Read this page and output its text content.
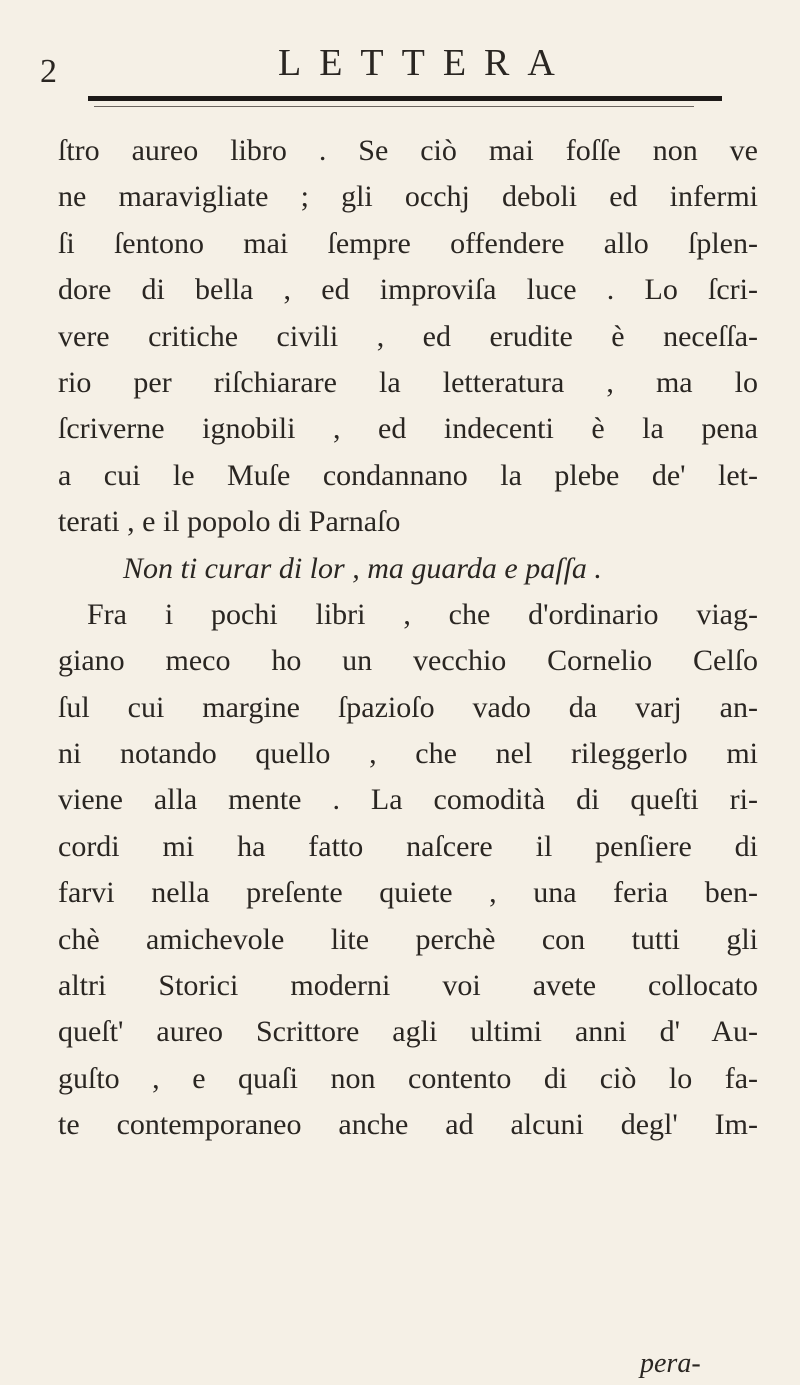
2	LETTERA
ſtro aureo libro . Se ciò mai foſſe non ve
ne maravigliate ; gli occhj deboli ed infermi
ſi ſentono mai ſempre offendere allo ſplen-
dore di bella , ed improviſa luce . Lo ſcri-
vere critiche civili , ed erudite è neceſſa-
rio per riſchiarare la letteratura , ma lo
ſcriverne ignobili , ed indecenti è la pena
a cui le Muſe condannano la plebe de' let-
terati , e il popolo di Parnaſo
Non ti curar di lor , ma guarda e paſſa .
Fra i pochi libri , che d'ordinario viag-
giano meco ho un vecchio Cornelio Celſo
ſul cui margine ſpazioſo vado da varj an-
ni notando quello , che nel rileggerlo mi
viene alla mente . La comodità di queſti ri-
cordi mi ha fatto naſcere il penſiere di
farvi nella preſente quiete , una feria ben-
chè amichevole lite perchè con tutti gli
altri Storici moderni voi avete collocato
queſt' aureo Scrittore agli ultimi anni d' Au-
guſto , e quaſi non contento di ciò lo fa-
te contemporaneo anche ad alcuni degl' Im-
pera-
